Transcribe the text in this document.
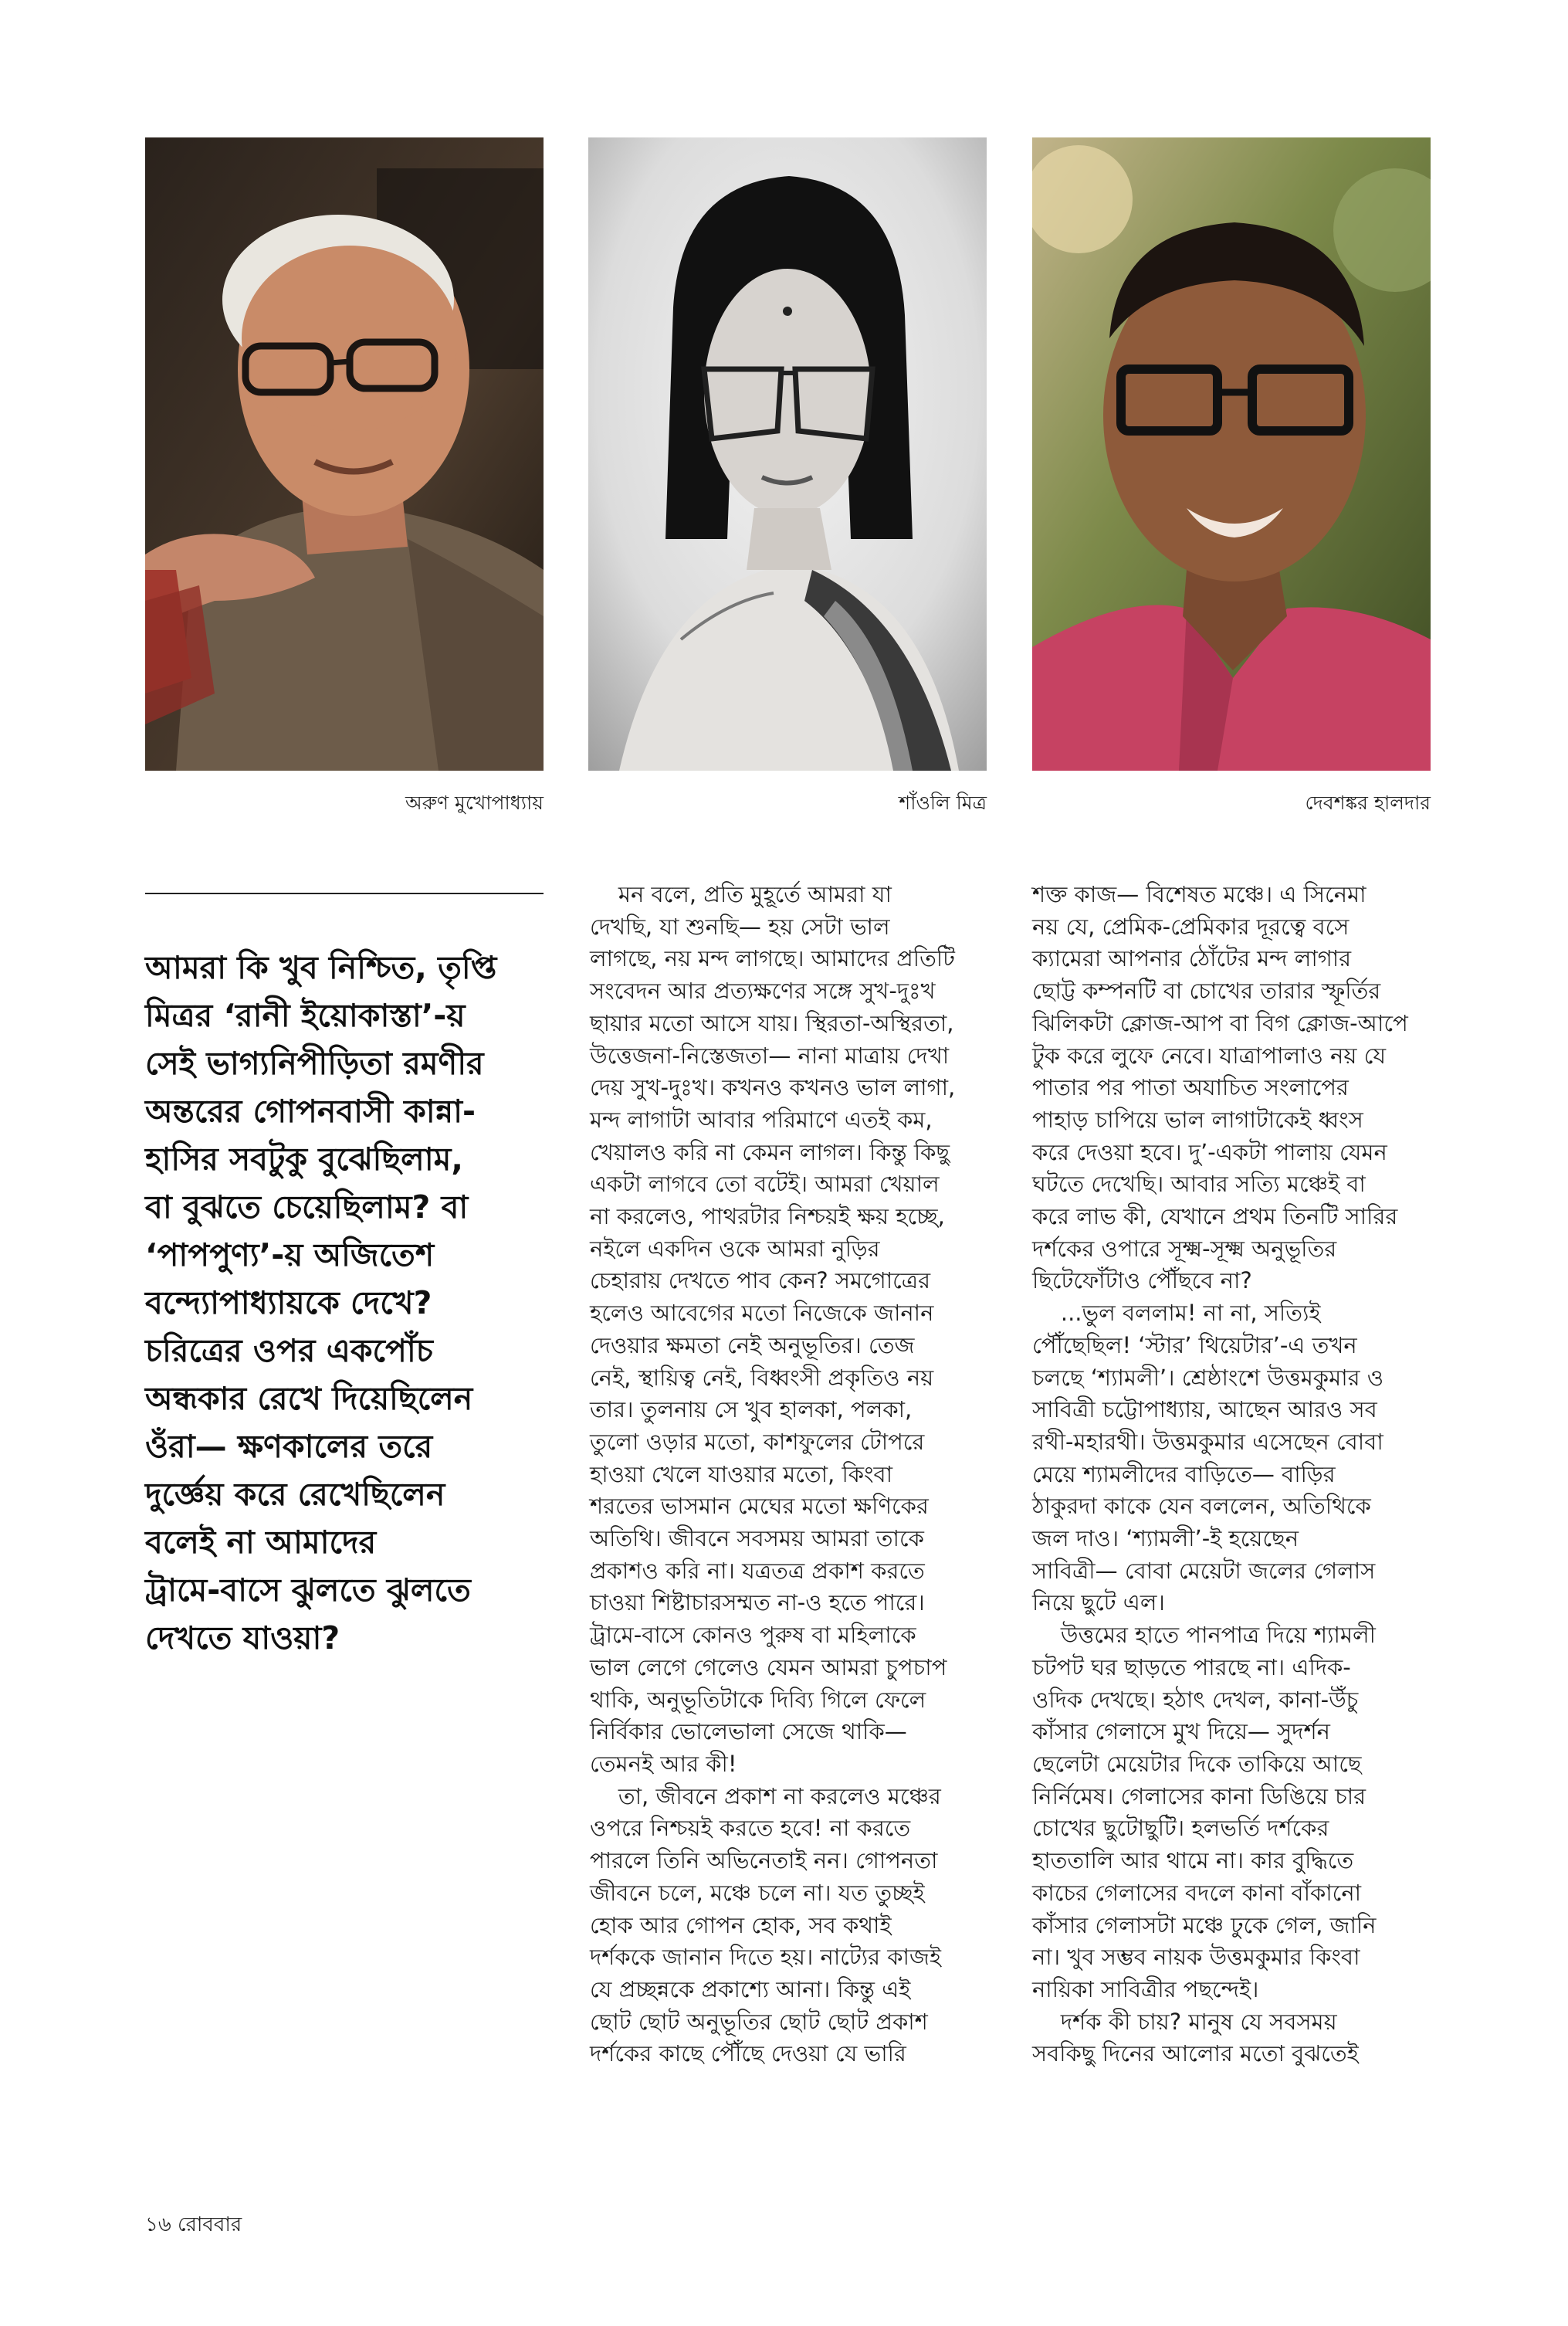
অরুণ মুখোপাধ্যায়	শাঁওলি মিত্র	দেবশঙ্কর হালদার
আমরা কি খুব নিশ্চিত, তৃপ্তি
মিত্রর ‘রানী ইয়োকাস্তা’-য়
সেই ভাগ্যনিপীড়িতা রমণীর
অন্তরের গোপনবাসী কান্না-
হাসির সবটুকু বুঝেছিলাম,
বা বুঝতে চেয়েছিলাম? বা
‘পাপপুণ্য’-য় অজিতেশ
বন্দ্যোপাধ্যায়কে দেখে?
চরিত্রের ওপর একপোঁচ
অন্ধকার রেখে দিয়েছিলেন
ওঁরা— ক্ষণকালের তরে
দুর্জ্ঞেয় করে রেখেছিলেন
বলেই না আমাদের
ট্রামে-বাসে ঝুলতে ঝুলতে
দেখতে যাওয়া?
মন বলে, প্রতি মুহূর্তে আমরা যা
দেখছি, যা শুনছি— হয় সেটা ভাল
লাগছে, নয় মন্দ লাগছে। আমাদের প্রতিটি
সংবেদন আর প্রত্যক্ষণের সঙ্গে সুখ-দুঃখ
ছায়ার মতো আসে যায়। স্থিরতা-অস্থিরতা,
উত্তেজনা-নিস্তেজতা— নানা মাত্রায় দেখা
দেয় সুখ-দুঃখ। কখনও কখনও ভাল লাগা,
মন্দ লাগাটা আবার পরিমাণে এতই কম,
খেয়ালও করি না কেমন লাগল। কিন্তু কিছু
একটা লাগবে তো বটেই। আমরা খেয়াল
না করলেও, পাথরটার নিশ্চয়ই ক্ষয় হচ্ছে,
নইলে একদিন ওকে আমরা নুড়ির
চেহারায় দেখতে পাব কেন? সমগোত্রের
হলেও আবেগের মতো নিজেকে জানান
দেওয়ার ক্ষমতা নেই অনুভূতির। তেজ
নেই, স্থায়িত্ব নেই, বিধ্বংসী প্রকৃতিও নয়
তার। তুলনায় সে খুব হালকা, পলকা,
তুলো ওড়ার মতো, কাশফুলের টোপরে
হাওয়া খেলে যাওয়ার মতো, কিংবা
শরতের ভাসমান মেঘের মতো ক্ষণিকের
অতিথি। জীবনে সবসময় আমরা তাকে
প্রকাশও করি না। যত্রতত্র প্রকাশ করতে
চাওয়া শিষ্টাচারসম্মত না-ও হতে পারে।
ট্রামে-বাসে কোনও পুরুষ বা মহিলাকে
ভাল লেগে গেলেও যেমন আমরা চুপচাপ
থাকি, অনুভূতিটাকে দিব্যি গিলে ফেলে
নির্বিকার ভোলেভালা সেজে থাকি—
তেমনই আর কী!
তা, জীবনে প্রকাশ না করলেও মঞ্চের
ওপরে নিশ্চয়ই করতে হবে! না করতে
পারলে তিনি অভিনেতাই নন। গোপনতা
জীবনে চলে, মঞ্চে চলে না। যত তুচ্ছই
হোক আর গোপন হোক, সব কথাই
দর্শককে জানান দিতে হয়। নাট্যের কাজই
যে প্রচ্ছন্নকে প্রকাশ্যে আনা। কিন্তু এই
ছোট ছোট অনুভূতির ছোট ছোট প্রকাশ
দর্শকের কাছে পৌঁছে দেওয়া যে ভারি
শক্ত কাজ— বিশেষত মঞ্চে। এ সিনেমা
নয় যে, প্রেমিক-প্রেমিকার দূরত্বে বসে
ক্যামেরা আপনার ঠোঁটের মন্দ লাগার
ছোট্ট কম্পনটি বা চোখের তারার স্ফূর্তির
ঝিলিকটা ক্লোজ-আপ বা বিগ ক্লোজ-আপে
টুক করে লুফে নেবে। যাত্রাপালাও নয় যে
পাতার পর পাতা অযাচিত সংলাপের
পাহাড় চাপিয়ে ভাল লাগাটাকেই ধ্বংস
করে দেওয়া হবে। দু’-একটা পালায় যেমন
ঘটতে দেখেছি। আবার সত্যি মঞ্চেই বা
করে লাভ কী, যেখানে প্রথম তিনটি সারির
দর্শকের ওপারে সূক্ষ্ম-সূক্ষ্ম অনুভূতির
ছিটেফোঁটাও পৌঁছবে না?
...ভুল বললাম! না না, সত্যিই
পৌঁছেছিল! ‘স্টার’ থিয়েটার’-এ তখন
চলছে ‘শ্যামলী’। শ্রেষ্ঠাংশে উত্তমকুমার ও
সাবিত্রী চট্টোপাধ্যায়, আছেন আরও সব
রথী-মহারথী। উত্তমকুমার এসেছেন বোবা
মেয়ে শ্যামলীদের বাড়িতে— বাড়ির
ঠাকুরদা কাকে যেন বললেন, অতিথিকে
জল দাও। ‘শ্যামলী’-ই হয়েছেন
সাবিত্রী— বোবা মেয়েটা জলের গেলাস
নিয়ে ছুটে এল।
উত্তমের হাতে পানপাত্র দিয়ে শ্যামলী
চটপট ঘর ছাড়তে পারছে না। এদিক-
ওদিক দেখছে। হঠাৎ দেখল, কানা-উঁচু
কাঁসার গেলাসে মুখ দিয়ে— সুদর্শন
ছেলেটা মেয়েটার দিকে তাকিয়ে আছে
নির্নিমেষ। গেলাসের কানা ডিঙিয়ে চার
চোখের ছুটোছুটি। হলভর্তি দর্শকের
হাততালি আর থামে না। কার বুদ্ধিতে
কাচের গেলাসের বদলে কানা বাঁকানো
কাঁসার গেলাসটা মঞ্চে ঢুকে গেল, জানি
না। খুব সম্ভব নায়ক উত্তমকুমার কিংবা
নায়িকা সাবিত্রীর পছন্দেই।
দর্শক কী চায়? মানুষ যে সবসময়
সবকিছু দিনের আলোর মতো বুঝতেই
১৬ রোববার
